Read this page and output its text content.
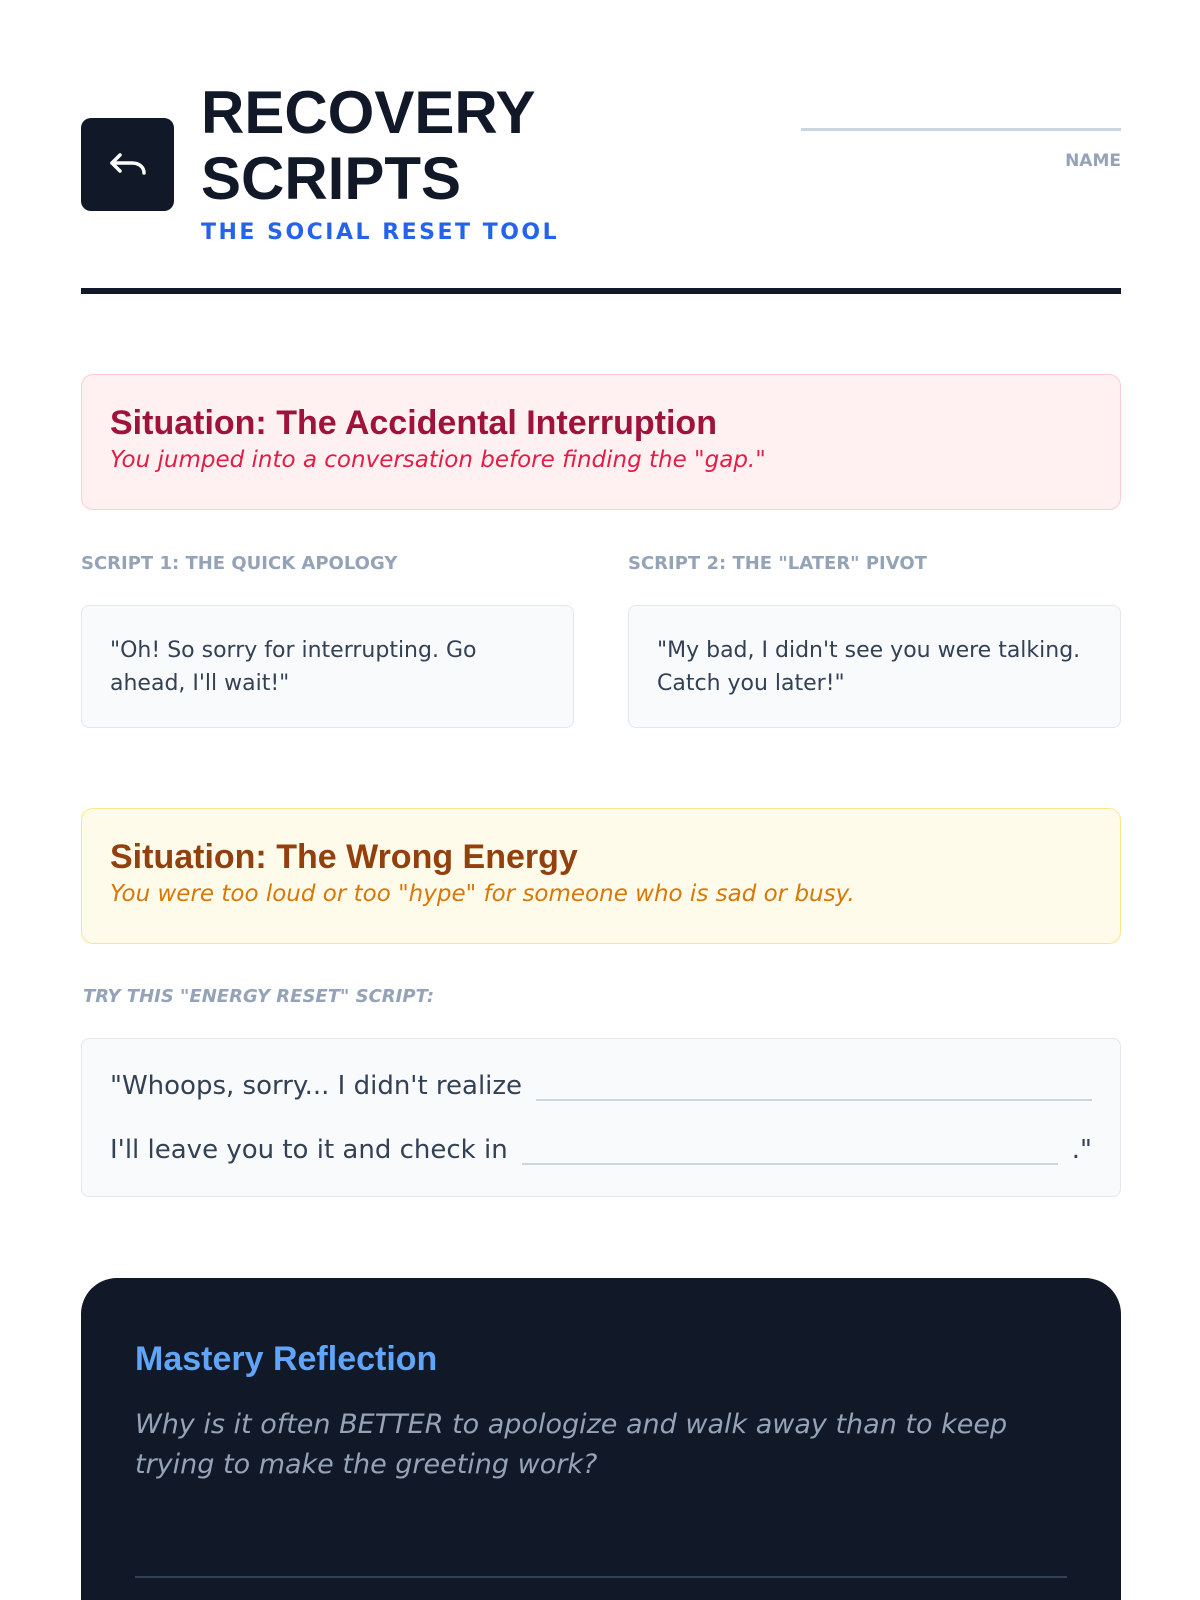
RECOVERY SCRIPTS
THE SOCIAL RESET TOOL
NAME
Situation: The Accidental Interruption
You jumped into a conversation before finding the "gap."
SCRIPT 1: THE QUICK APOLOGY	SCRIPT 2: THE "LATER" PIVOT
"Oh! So sorry for interrupting. Go ahead, I'll wait!"
"My bad, I didn't see you were talking. Catch you later!"
Situation: The Wrong Energy
You were too loud or too "hype" for someone who is sad or busy.
TRY THIS "ENERGY RESET" SCRIPT:
"Whoops, sorry... I didn't realize
I'll leave you to it and check in	."
Mastery Reflection
Why is it often BETTER to apologize and walk away than to keep trying to make the greeting work?
